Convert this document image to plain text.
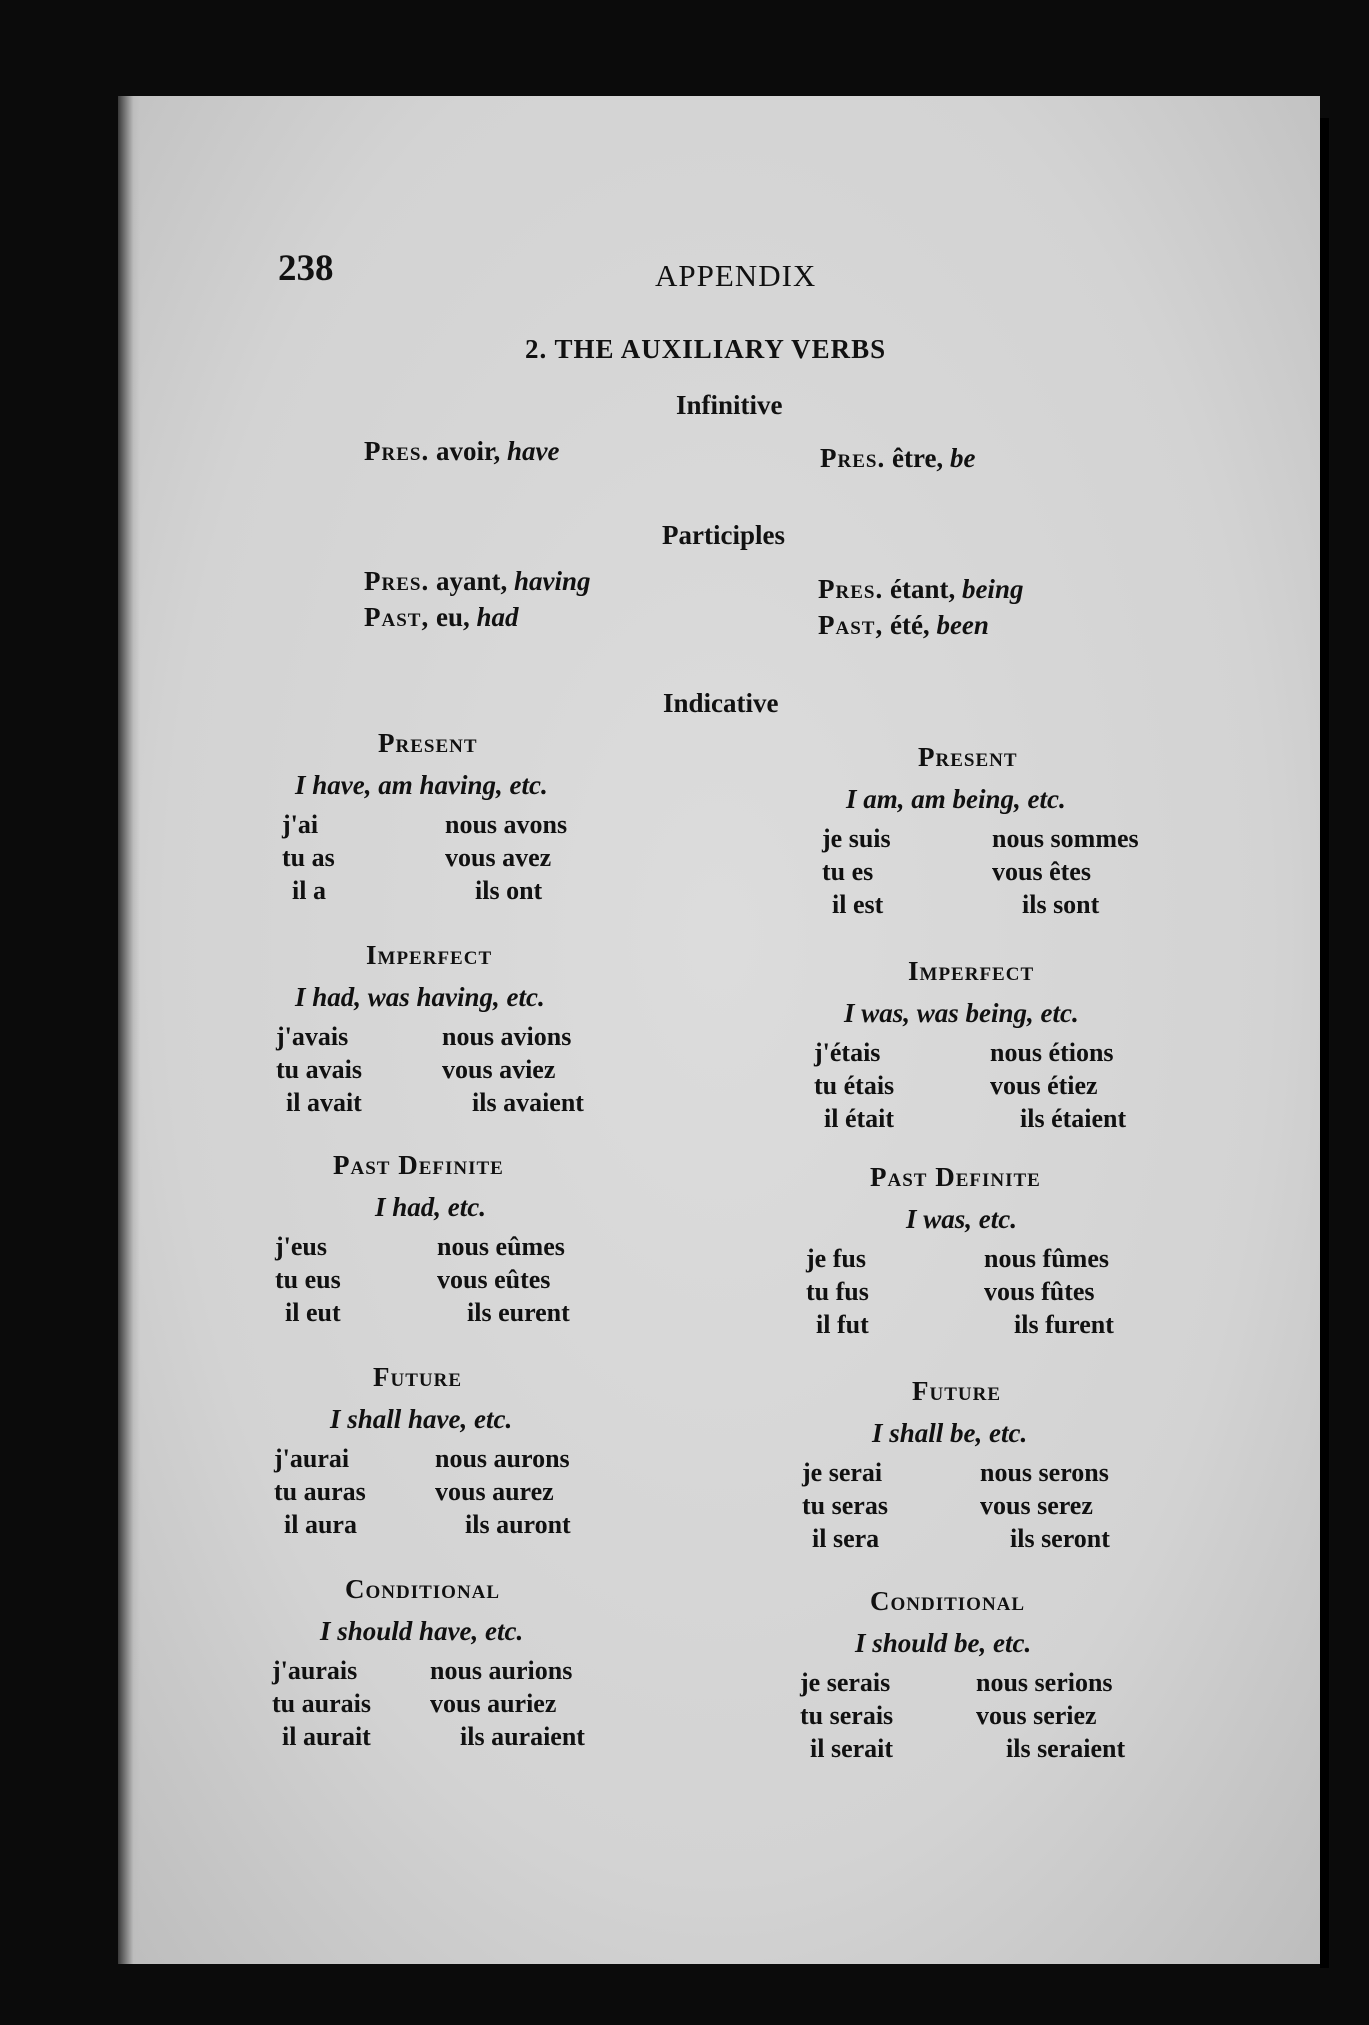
238	APPENDIX

2. THE AUXILIARY VERBS

Infinitive

Pres. avoir, have	Pres. être, be

Participles

Pres. ayant, having

Past, eu, had

Pres. étant, being

Past, été, been

Indicative

Present

I have, am having, etc.

j'ai	nous avons

tu as	vous avez

il a	ils ont

Imperfect

I had, was having, etc.

j'avais	nous avions

tu avais	vous aviez

il avait	ils avaient

Past Definite

I had, etc.

j'eus	nous eûmes

tu eus	vous eûtes

il eut	ils eurent

Future

I shall have, etc.

j'aurai	nous aurons

tu auras	vous aurez

il aura	ils auront

Conditional

I should have, etc.

j'aurais	nous aurions

tu aurais vous auriez

il aurait	ils auraient

Present

I am, am being, etc.

je suis	nous sommes

tu es	vous êtes

il est	ils sont

Imperfect

I was, was being, etc.

j'étais	nous étions

tu étais	vous étiez

il était	ils étaient

Past Definite

I was, etc.

je fus	nous fûmes

tu fus	vous fûtes

il fut	ils furent

Future

I shall be, etc.

je serai	nous serons

tu seras	vous serez

il sera	ils seront

Conditional

I should be, etc.

je serais	nous serions

tu serais	vous seriez

il serait	ils seraient
